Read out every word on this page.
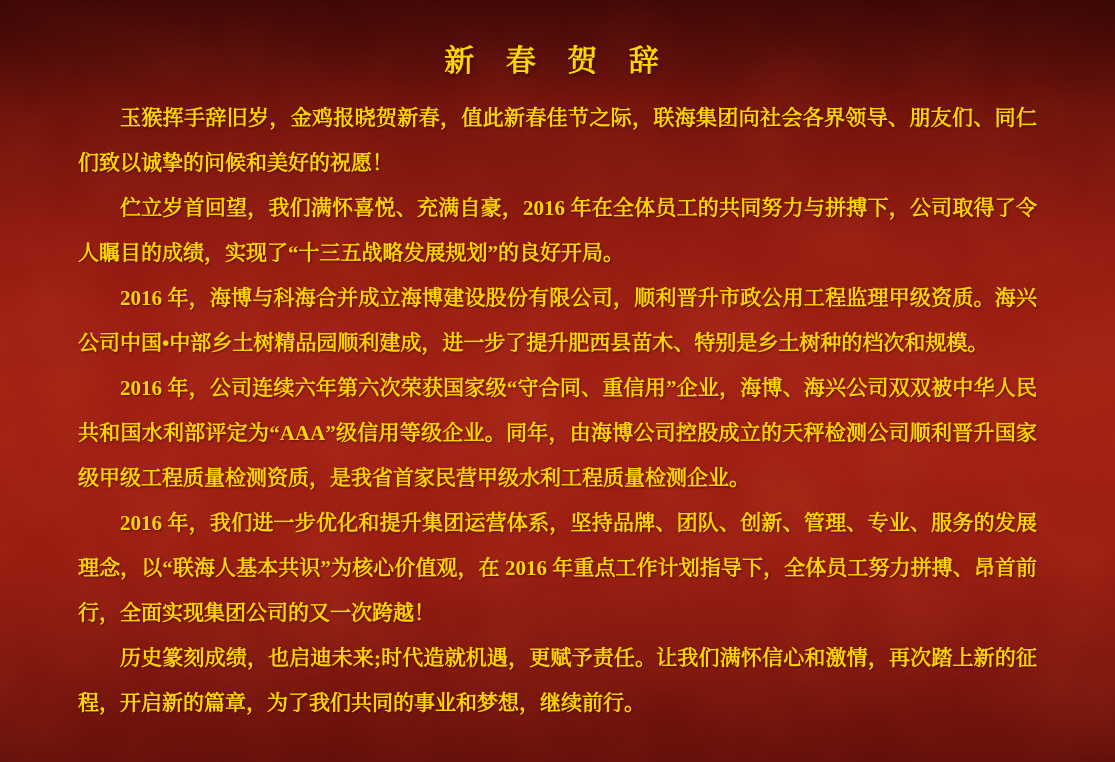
新 春 贺 辞

玉猴挥手辞旧岁，金鸡报晓贺新春，值此新春佳节之际，联海集团向社会各界领导、朋友们、同仁们致以诚挚的问候和美好的祝愿！

伫立岁首回望，我们满怀喜悦、充满自豪，2016 年在全体员工的共同努力与拼搏下，公司取得了令人瞩目的成绩，实现了“十三五战略发展规划”的良好开局。

2016 年，海博与科海合并成立海博建设股份有限公司，顺利晋升市政公用工程监理甲级资质。海兴公司中国•中部乡土树精品园顺利建成，进一步了提升肥西县苗木、特别是乡土树种的档次和规模。

2016 年，公司连续六年第六次荣获国家级“守合同、重信用”企业，海博、海兴公司双双被中华人民共和国水利部评定为“AAA”级信用等级企业。同年，由海博公司控股成立的天秤检测公司顺利晋升国家级甲级工程质量检测资质，是我省首家民营甲级水利工程质量检测企业。

2016 年，我们进一步优化和提升集团运营体系，坚持品牌、团队、创新、管理、专业、服务的发展理念，以“联海人基本共识”为核心价值观，在 2016 年重点工作计划指导下，全体员工努力拼搏、昂首前行，全面实现集团公司的又一次跨越！

历史篆刻成绩，也启迪未来;时代造就机遇，更赋予责任。让我们满怀信心和激情，再次踏上新的征程，开启新的篇章，为了我们共同的事业和梦想，继续前行。
